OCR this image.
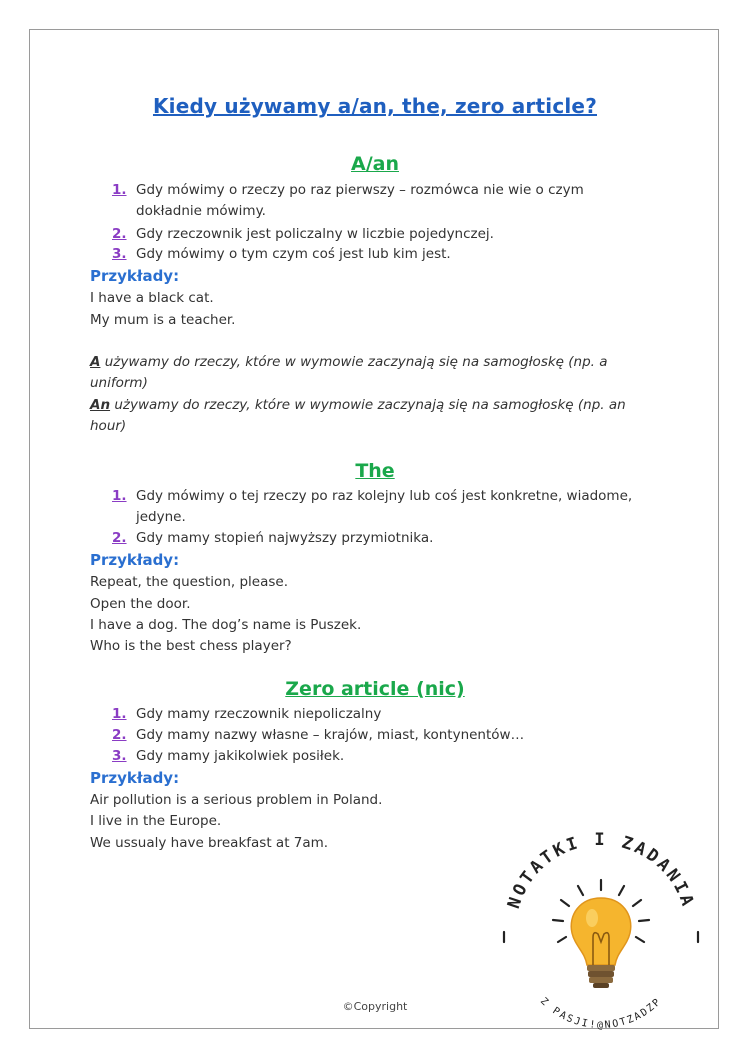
Kiedy używamy a/an, the, zero article?
A/an
1. Gdy mówimy o rzeczy po raz pierwszy – rozmówca nie wie o czym
dokładnie mówimy.
2. Gdy rzeczownik jest policzalny w liczbie pojedynczej.
3. Gdy mówimy o tym czym coś jest lub kim jest.
Przykłady:
I have a black cat.
My mum is a teacher.
A używamy do rzeczy, które w wymowie zaczynają się na samogłoskę (np. a
uniform)
An używamy do rzeczy, które w wymowie zaczynają się na samogłoskę (np. an
hour)
The
1. Gdy mówimy o tej rzeczy po raz kolejny lub coś jest konkretne, wiadome,
jedyne.
2. Gdy mamy stopień najwyższy przymiotnika.
Przykłady:
Repeat, the question, please.
Open the door.
I have a dog. The dog’s name is Puszek.
Who is the best chess player?
Zero article (nic)
1. Gdy mamy rzeczownik niepoliczalny
2. Gdy mamy nazwy własne – krajów, miast, kontynentów…
3. Gdy mamy jakikolwiek posiłek.
Przykłady:
Air pollution is a serious problem in Poland.
I live in the Europe.
We ussualy have breakfast at 7am.
NOTATKI I ZADANIA
Z PASJI!@NOTZADZP
©Copyright
